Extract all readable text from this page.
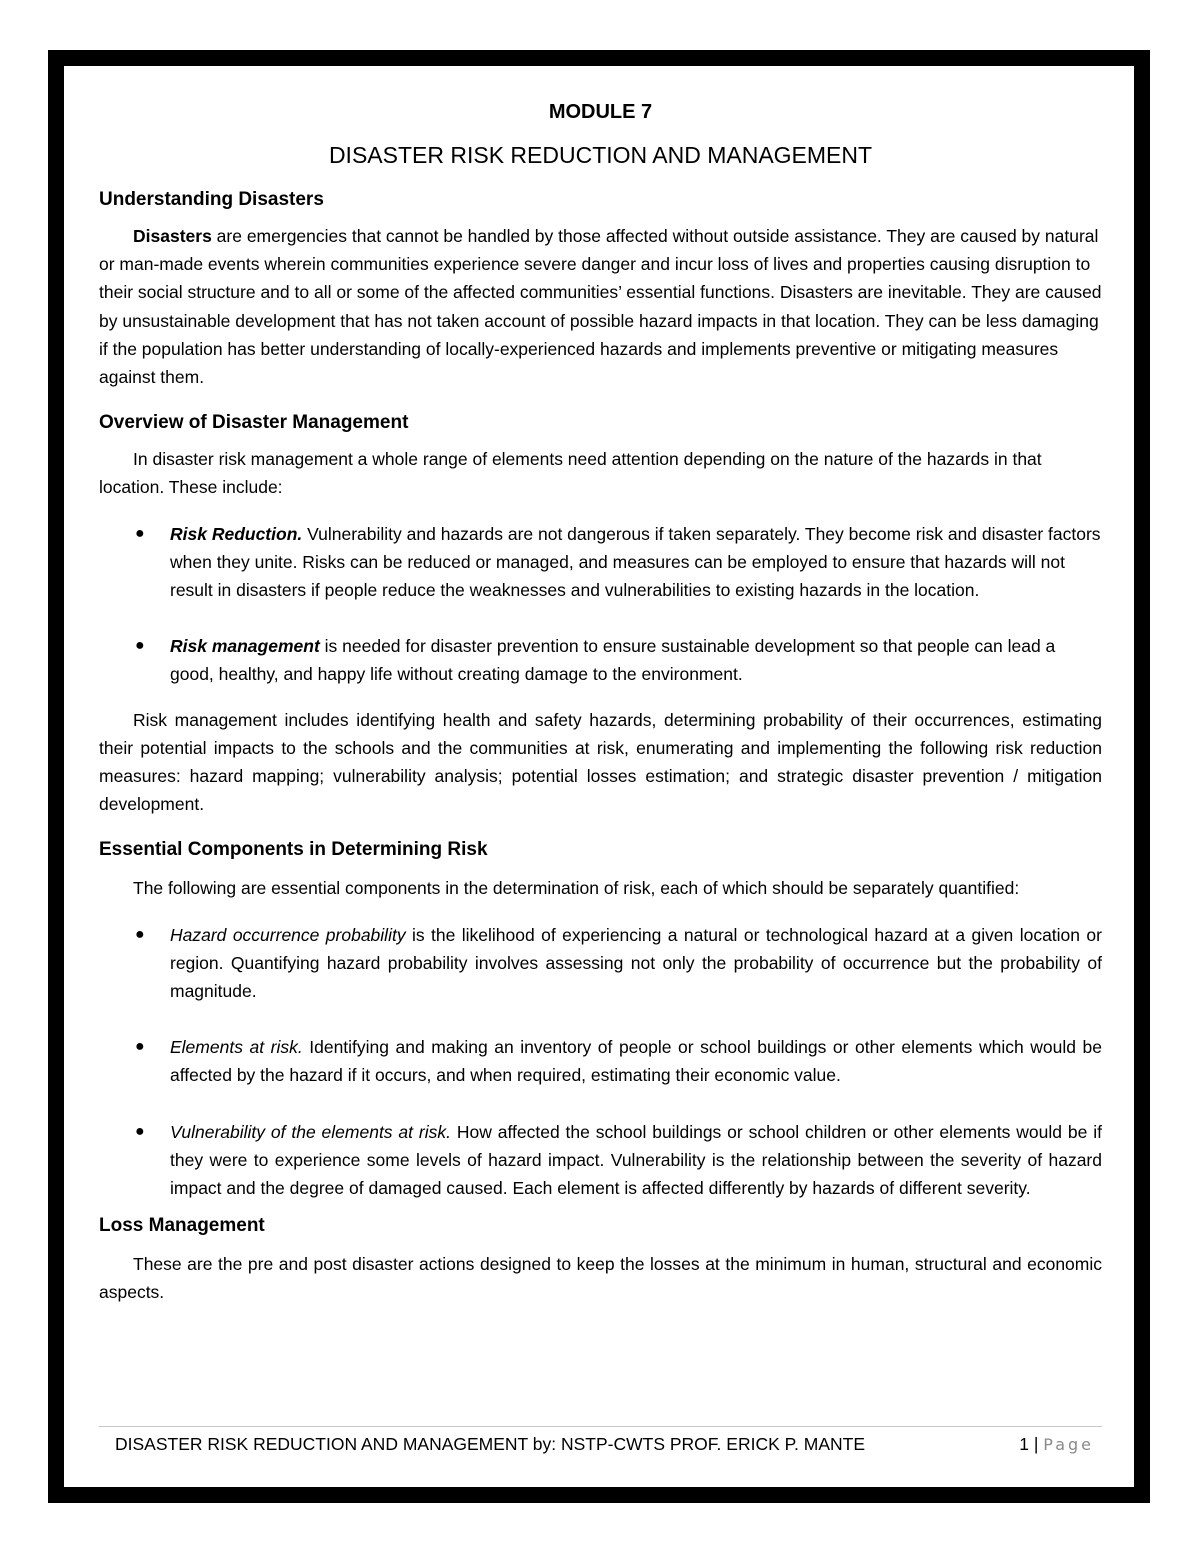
MODULE 7
DISASTER RISK REDUCTION AND MANAGEMENT
Understanding Disasters

Disasters are emergencies that cannot be handled by those affected without outside assistance. They are caused by natural or man-made events wherein communities experience severe danger and incur loss of lives and properties causing disruption to their social structure and to all or some of the affected communities’ essential functions. Disasters are inevitable. They are caused by unsustainable development that has not taken account of possible hazard impacts in that location. They can be less damaging if the population has better understanding of locally-experienced hazards and implements preventive or mitigating measures against them.

Overview of Disaster Management

In disaster risk management a whole range of elements need attention depending on the nature of the hazards in that location. These include:

● Risk Reduction. Vulnerability and hazards are not dangerous if taken separately. They become risk and disaster factors when they unite. Risks can be reduced or managed, and measures can be employed to ensure that hazards will not result in disasters if people reduce the weaknesses and vulnerabilities to existing hazards in the location.
● Risk management is needed for disaster prevention to ensure sustainable development so that people can lead a good, healthy, and happy life without creating damage to the environment.

Risk management includes identifying health and safety hazards, determining probability of their occurrences, estimating their potential impacts to the schools and the communities at risk, enumerating and implementing the following risk reduction measures: hazard mapping; vulnerability analysis; potential losses estimation; and strategic disaster prevention / mitigation development.

Essential Components in Determining Risk

The following are essential components in the determination of risk, each of which should be separately quantified:

● Hazard occurrence probability is the likelihood of experiencing a natural or technological hazard at a given location or region. Quantifying hazard probability involves assessing not only the probability of occurrence but the probability of magnitude.
● Elements at risk. Identifying and making an inventory of people or school buildings or other elements which would be affected by the hazard if it occurs, and when required, estimating their economic value.
● Vulnerability of the elements at risk. How affected the school buildings or school children or other elements would be if they were to experience some levels of hazard impact. Vulnerability is the relationship between the severity of hazard impact and the degree of damaged caused. Each element is affected differently by hazards of different severity.
Loss Management

These are the pre and post disaster actions designed to keep the losses at the minimum in human, structural and economic aspects.

DISASTER RISK REDUCTION AND MANAGEMENT by: NSTP-CWTS PROF. ERICK P. MANTE	1 | Page
